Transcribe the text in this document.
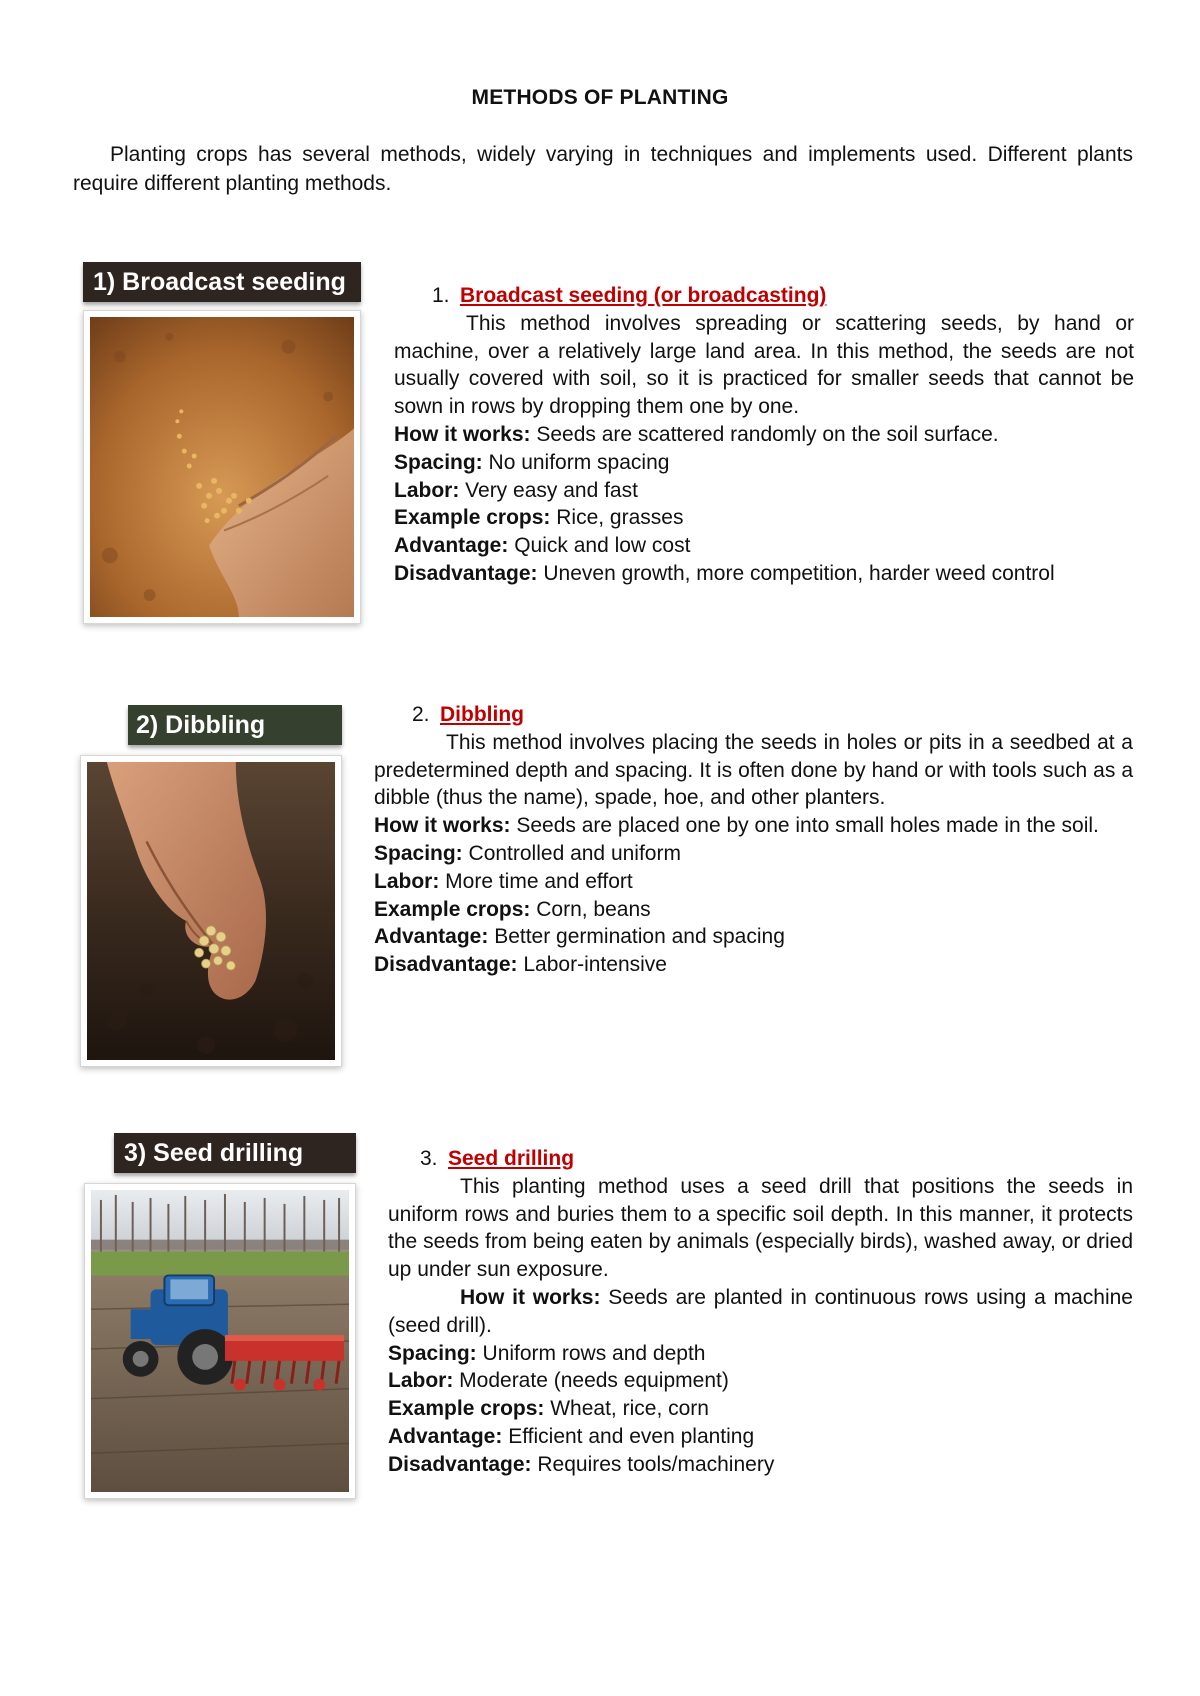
METHODS OF PLANTING

Planting crops has several methods, widely varying in techniques and implements used. Different plants require different planting methods.

1) Broadcast seeding	1. Broadcast seeding (or broadcasting)

This method involves spreading or scattering seeds, by hand or machine, over a relatively large land area. In this method, the seeds are not usually covered with soil, so it is practiced for smaller seeds that cannot be sown in rows by dropping them one by one.

How it works: Seeds are scattered randomly on the soil surface.

Spacing: No uniform spacing

Labor: Very easy and fast

Example crops: Rice, grasses

Advantage: Quick and low cost

Disadvantage: Uneven growth, more competition, harder weed control

2) Dibbling	2. Dibbling

This method involves placing the seeds in holes or pits in a seedbed at a predetermined depth and spacing. It is often done by hand or with tools such as a dibble (thus the name), spade, hoe, and other planters.

How it works: Seeds are placed one by one into small holes made in the soil.

Spacing: Controlled and uniform

Labor: More time and effort

Example crops: Corn, beans

Advantage: Better germination and spacing

Disadvantage: Labor-intensive

3) Seed drilling	3. Seed drilling

This planting method uses a seed drill that positions the seeds in uniform rows and buries them to a specific soil depth. In this manner, it protects the seeds from being eaten by animals (especially birds), washed away, or dried up under sun exposure.

How it works: Seeds are planted in continuous rows using a machine (seed drill).

Spacing: Uniform rows and depth

Labor: Moderate (needs equipment)

Example crops: Wheat, rice, corn

Advantage: Efficient and even planting

Disadvantage: Requires tools/machinery
